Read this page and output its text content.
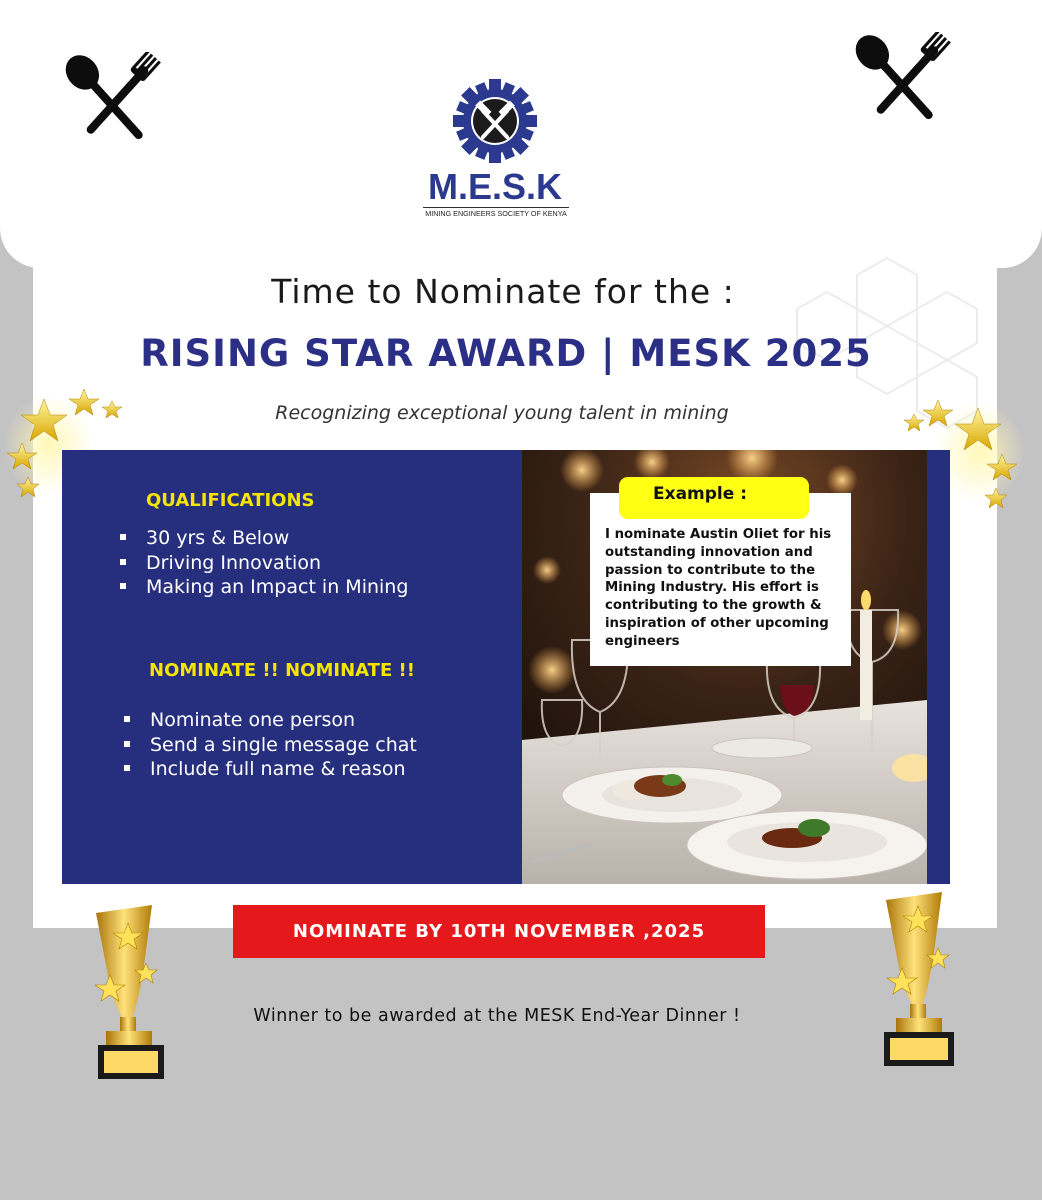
M.E.S.K
MINING ENGINEERS SOCIETY OF KENYA
Time to Nominate for the :
RISING STAR AWARD | MESK 2025
Recognizing exceptional young talent in mining
QUALIFICATIONS
30 yrs & Below
Driving Innovation
Making an Impact in Mining
NOMINATE !! NOMINATE !!
Nominate one person
Send a single message chat
Include full name & reason
Example :
I nominate Austin Oliet for his outstanding innovation and passion to contribute to the Mining Industry. His effort is contributing to the growth & inspiration of other upcoming engineers
NOMINATE BY 10TH NOVEMBER ,2025
Winner to be awarded at the MESK End-Year Dinner !
